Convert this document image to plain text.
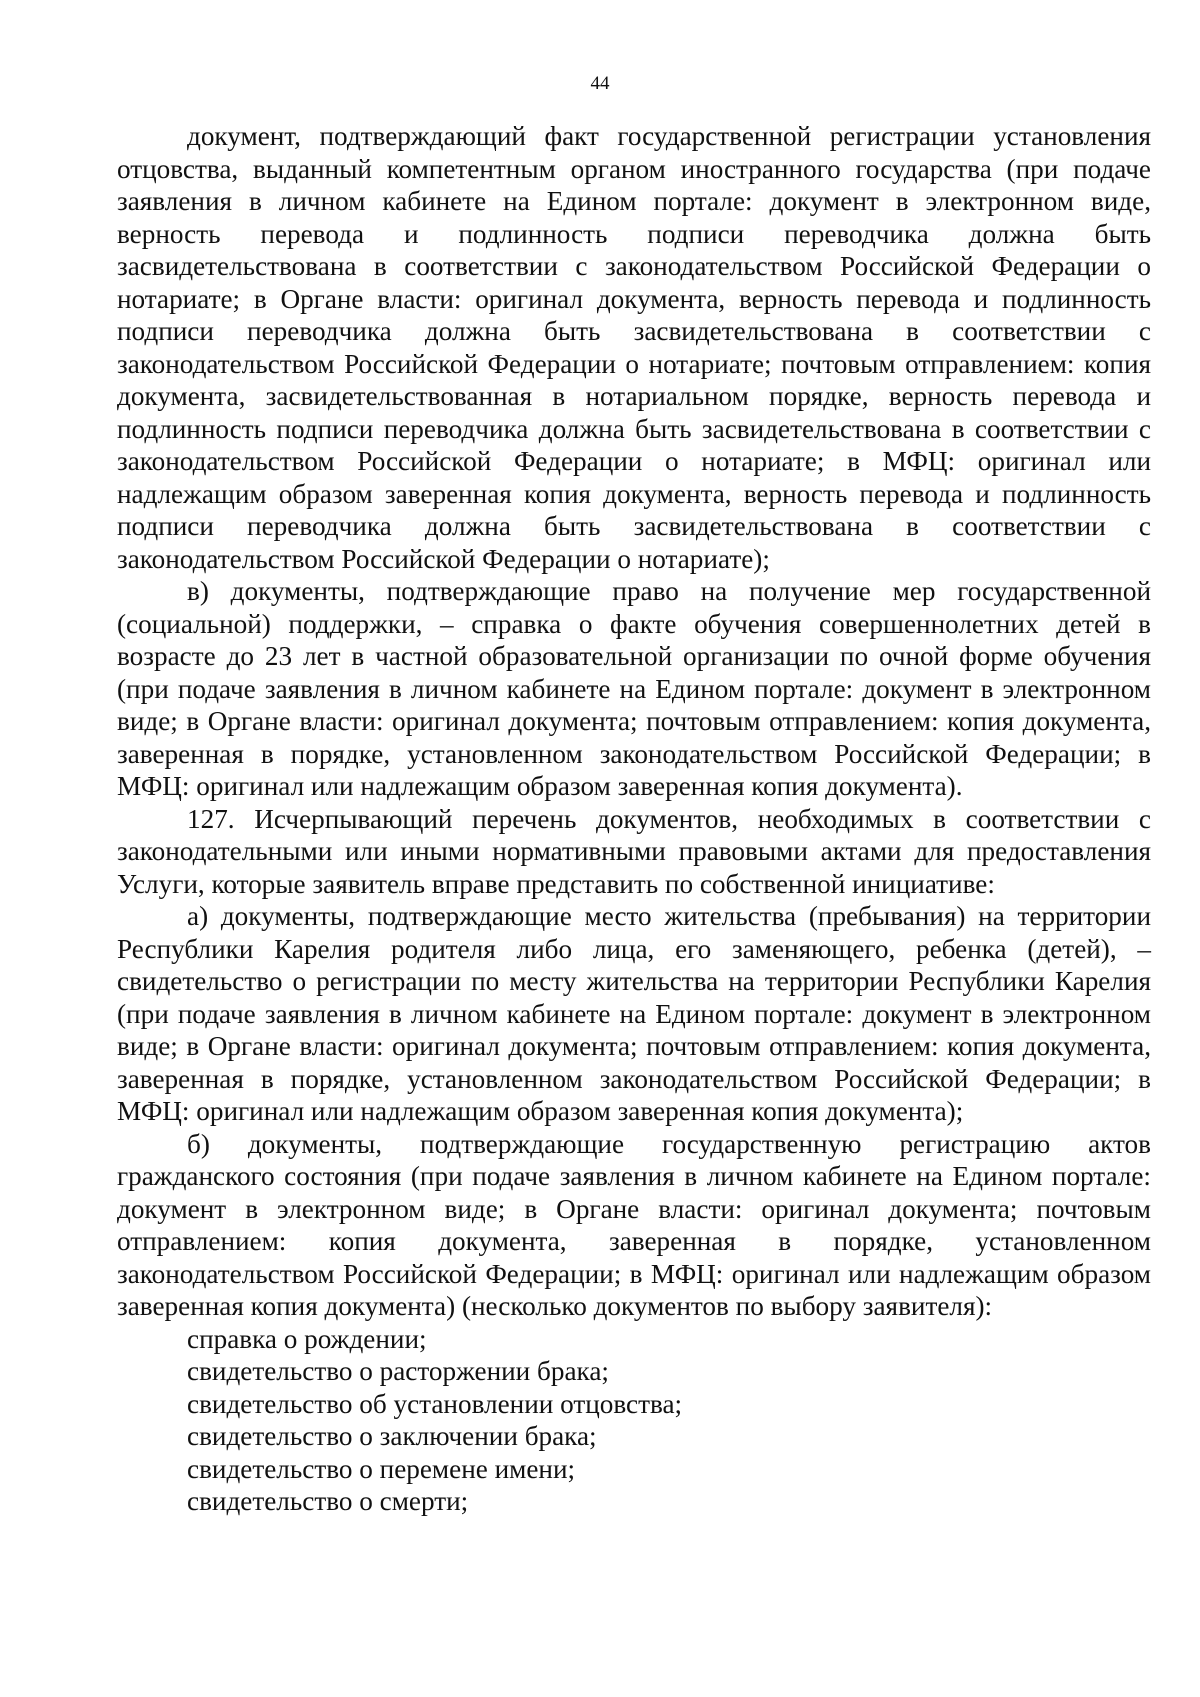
44

документ, подтверждающий факт государственной регистрации установления отцовства, выданный компетентным органом иностранного государства (при подаче заявления в личном кабинете на Едином портале: документ в электронном виде, верность перевода и подлинность подписи переводчика должна быть засвидетельствована в соответствии с законодательством Российской Федерации о нотариате; в Органе власти: оригинал документа, верность перевода и подлинность подписи переводчика должна быть засвидетельствована в соответствии с законодательством Российской Федерации о нотариате; почтовым отправлением: копия документа, засвидетельствованная в нотариальном порядке, верность перевода и подлинность подписи переводчика должна быть засвидетельствована в соответствии с законодательством Российской Федерации о нотариате; в МФЦ: оригинал или надлежащим образом заверенная копия документа, верность перевода и подлинность подписи переводчика должна быть засвидетельствована в соответствии с законодательством Российской Федерации о нотариате);

в) документы, подтверждающие право на получение мер государственной (социальной) поддержки, – справка о факте обучения совершеннолетних детей в возрасте до 23 лет в частной образовательной организации по очной форме обучения (при подаче заявления в личном кабинете на Едином портале: документ в электронном виде; в Органе власти: оригинал документа; почтовым отправлением: копия документа, заверенная в порядке, установленном законодательством Российской Федерации; в МФЦ: оригинал или надлежащим образом заверенная копия документа).

127. Исчерпывающий перечень документов, необходимых в соответствии с законодательными или иными нормативными правовыми актами для предоставления Услуги, которые заявитель вправе представить по собственной инициативе:

а) документы, подтверждающие место жительства (пребывания) на территории Республики Карелия родителя либо лица, его заменяющего, ребенка (детей), – свидетельство о регистрации по месту жительства на территории Республики Карелия (при подаче заявления в личном кабинете на Едином портале: документ в электронном виде; в Органе власти: оригинал документа; почтовым отправлением: копия документа, заверенная в порядке, установленном законодательством Российской Федерации; в МФЦ: оригинал или надлежащим образом заверенная копия документа);

б) документы, подтверждающие государственную регистрацию актов гражданского состояния (при подаче заявления в личном кабинете на Едином портале: документ в электронном виде; в Органе власти: оригинал документа; почтовым отправлением: копия документа, заверенная в порядке, установленном законодательством Российской Федерации; в МФЦ: оригинал или надлежащим образом заверенная копия документа) (несколько документов по выбору заявителя):

справка о рождении;

свидетельство о расторжении брака;

свидетельство об установлении отцовства;

свидетельство о заключении брака;

свидетельство о перемене имени;

свидетельство о смерти;
